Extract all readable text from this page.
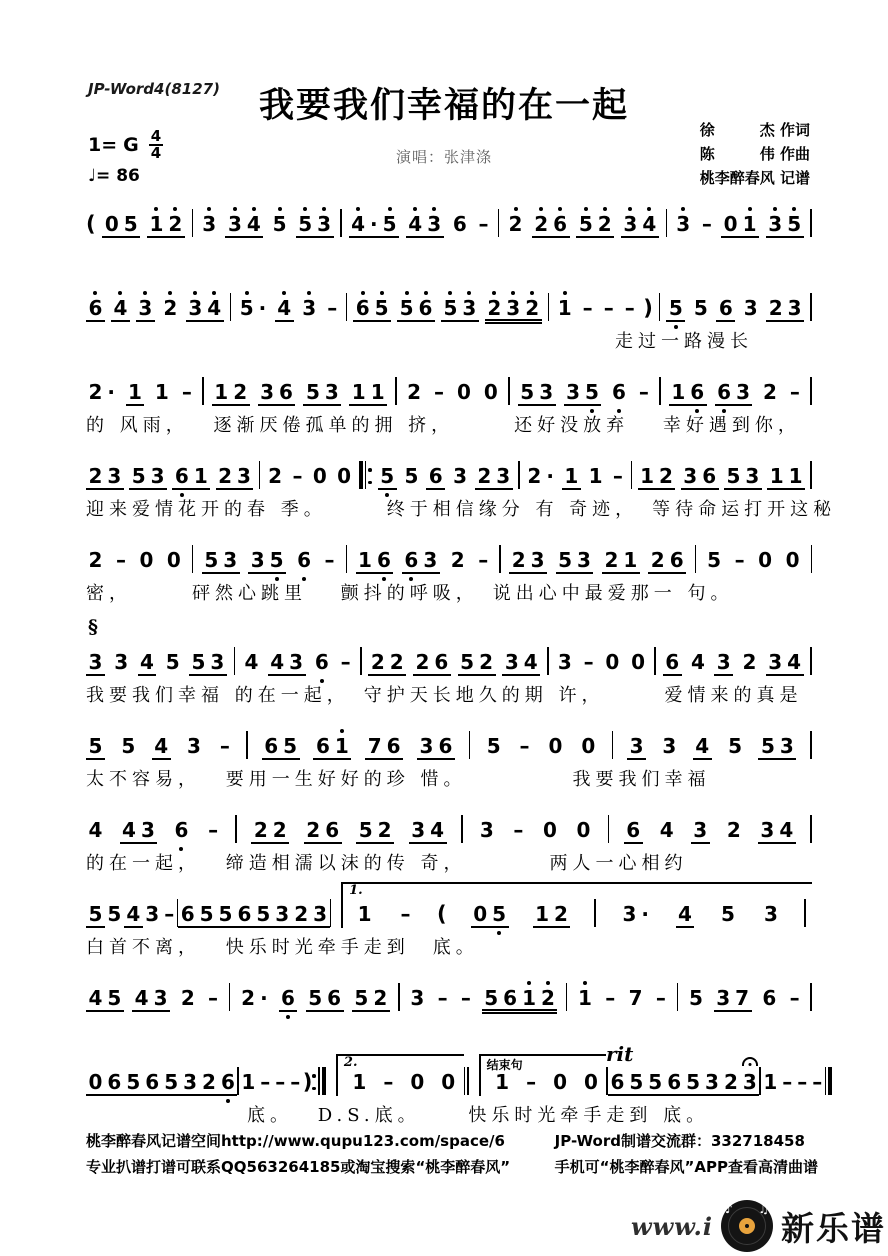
JP-Word4(8127)	我要我们幸福的在一起
演唱：张津涤
徐　　　杰 作词
陈　　　伟 作曲
桃李醉春风 记谱
1= G 4
4
♩= 86
( 0 5 1 2 3 3 4 5 5 3 4 · 5 4 3 6 – 2 2 6 5 2 3 4 3 – 0 1 3 5

6 4 3 2 3 4 5 · 4 3 – 6 5 5 6 5 3 2 3 2 1 – – – ) 5 5 6 3 2 3
　　　　　　　　　　　　　　　　　　　　　　　走过一路漫长
2 · 1 1 – 1 2 3 6 5 3 1 1 2 – 0 0 5 3 3 5 6 – 1 6 6 3 2 –
的 风雨，　 逐渐厌倦孤单的拥 挤，　　　还好没放弃　 幸好遇到你，
2 3 5 3 6 1 2 3 2 – 0 0 5 5 6 3 2 3 2 · 1 1 – 1 2 3 6 5 3 1 1
迎来爱情花开的春 季。　　　终于相信缘分 有 奇迹，　等待命运打开这秘
2 – 0 0 5 3 3 5 6 – 1 6 6 3 2 – 2 3 5 3 2 1 2 6 5 – 0 0
密，　　　砰然心跳里　 颤抖的呼吸，　说出心中最爱那一 句。
§
3 3 4 5 5 3 4 4 3 6 – 2 2 2 6 5 2 3 4 3 – 0 0 6 4 3 2 3 4
我要我们幸福 的在一起，　守护天长地久的期 许，　　　爱情来的真是
5 5 4 3 – 6 5 6 1 7 6 3 6 5 – 0 0 3 3 4 5 5 3
太不容易，　 要用一生好好的珍 惜。　　　　　我要我们幸福
4 4 3 6 – 2 2 2 6 5 2 3 4 3 – 0 0 6 4 3 2 3 4
的在一起，　 缔造相濡以沫的传 奇，　　　　两人一心相约
5 5 4 3 – 6 5 5 6 5 3 2 3
1.
1 – ( 0 5 1 2	3 · 4 5 3
白首不离，　 快乐时光牵手走到　底。
4 5 4 3 2 – 2 · 6 5 6 5 2 3 – – 5 6 1 2 1 – 7 – 5 3 7 6 –

0 6 5 6 5 3 2 6 1 – – – )
2.
1 – 0 0
结束句
1 – 0 0
rit
6 5 5 6 5 3 2 3 1 – – –
　　　　　　　底。　 D.S.底。　　 快乐时光牵手走到 底。
桃李醉春风记谱空间http://www.qupu123.com/space/6
专业扒谱打谱可联系QQ563264185或淘宝搜索“桃李醉春风”
JP-Word制谱交流群：332718458
手机可“桃李醉春风”APP查看高清曲谱
www.i
♪ ♫ 新乐谱
